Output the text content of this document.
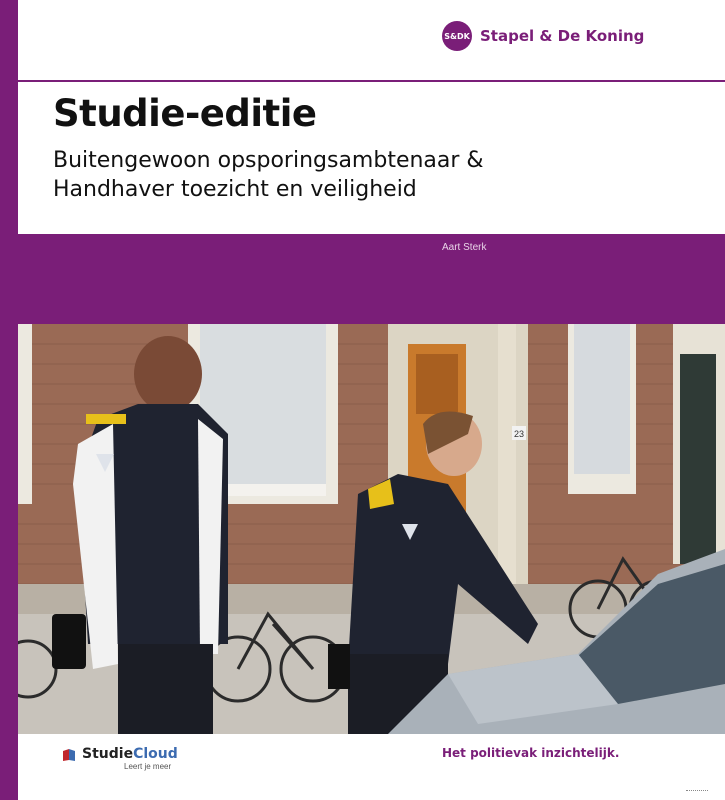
S&DK Stapel & De Koning
Studie-editie
Buitengewoon opsporingsambtenaar &
Handhaver toezicht en veiligheid
Aart Sterk
23
StudieCloud
Leert je meer
Het politievak inzichtelijk.
